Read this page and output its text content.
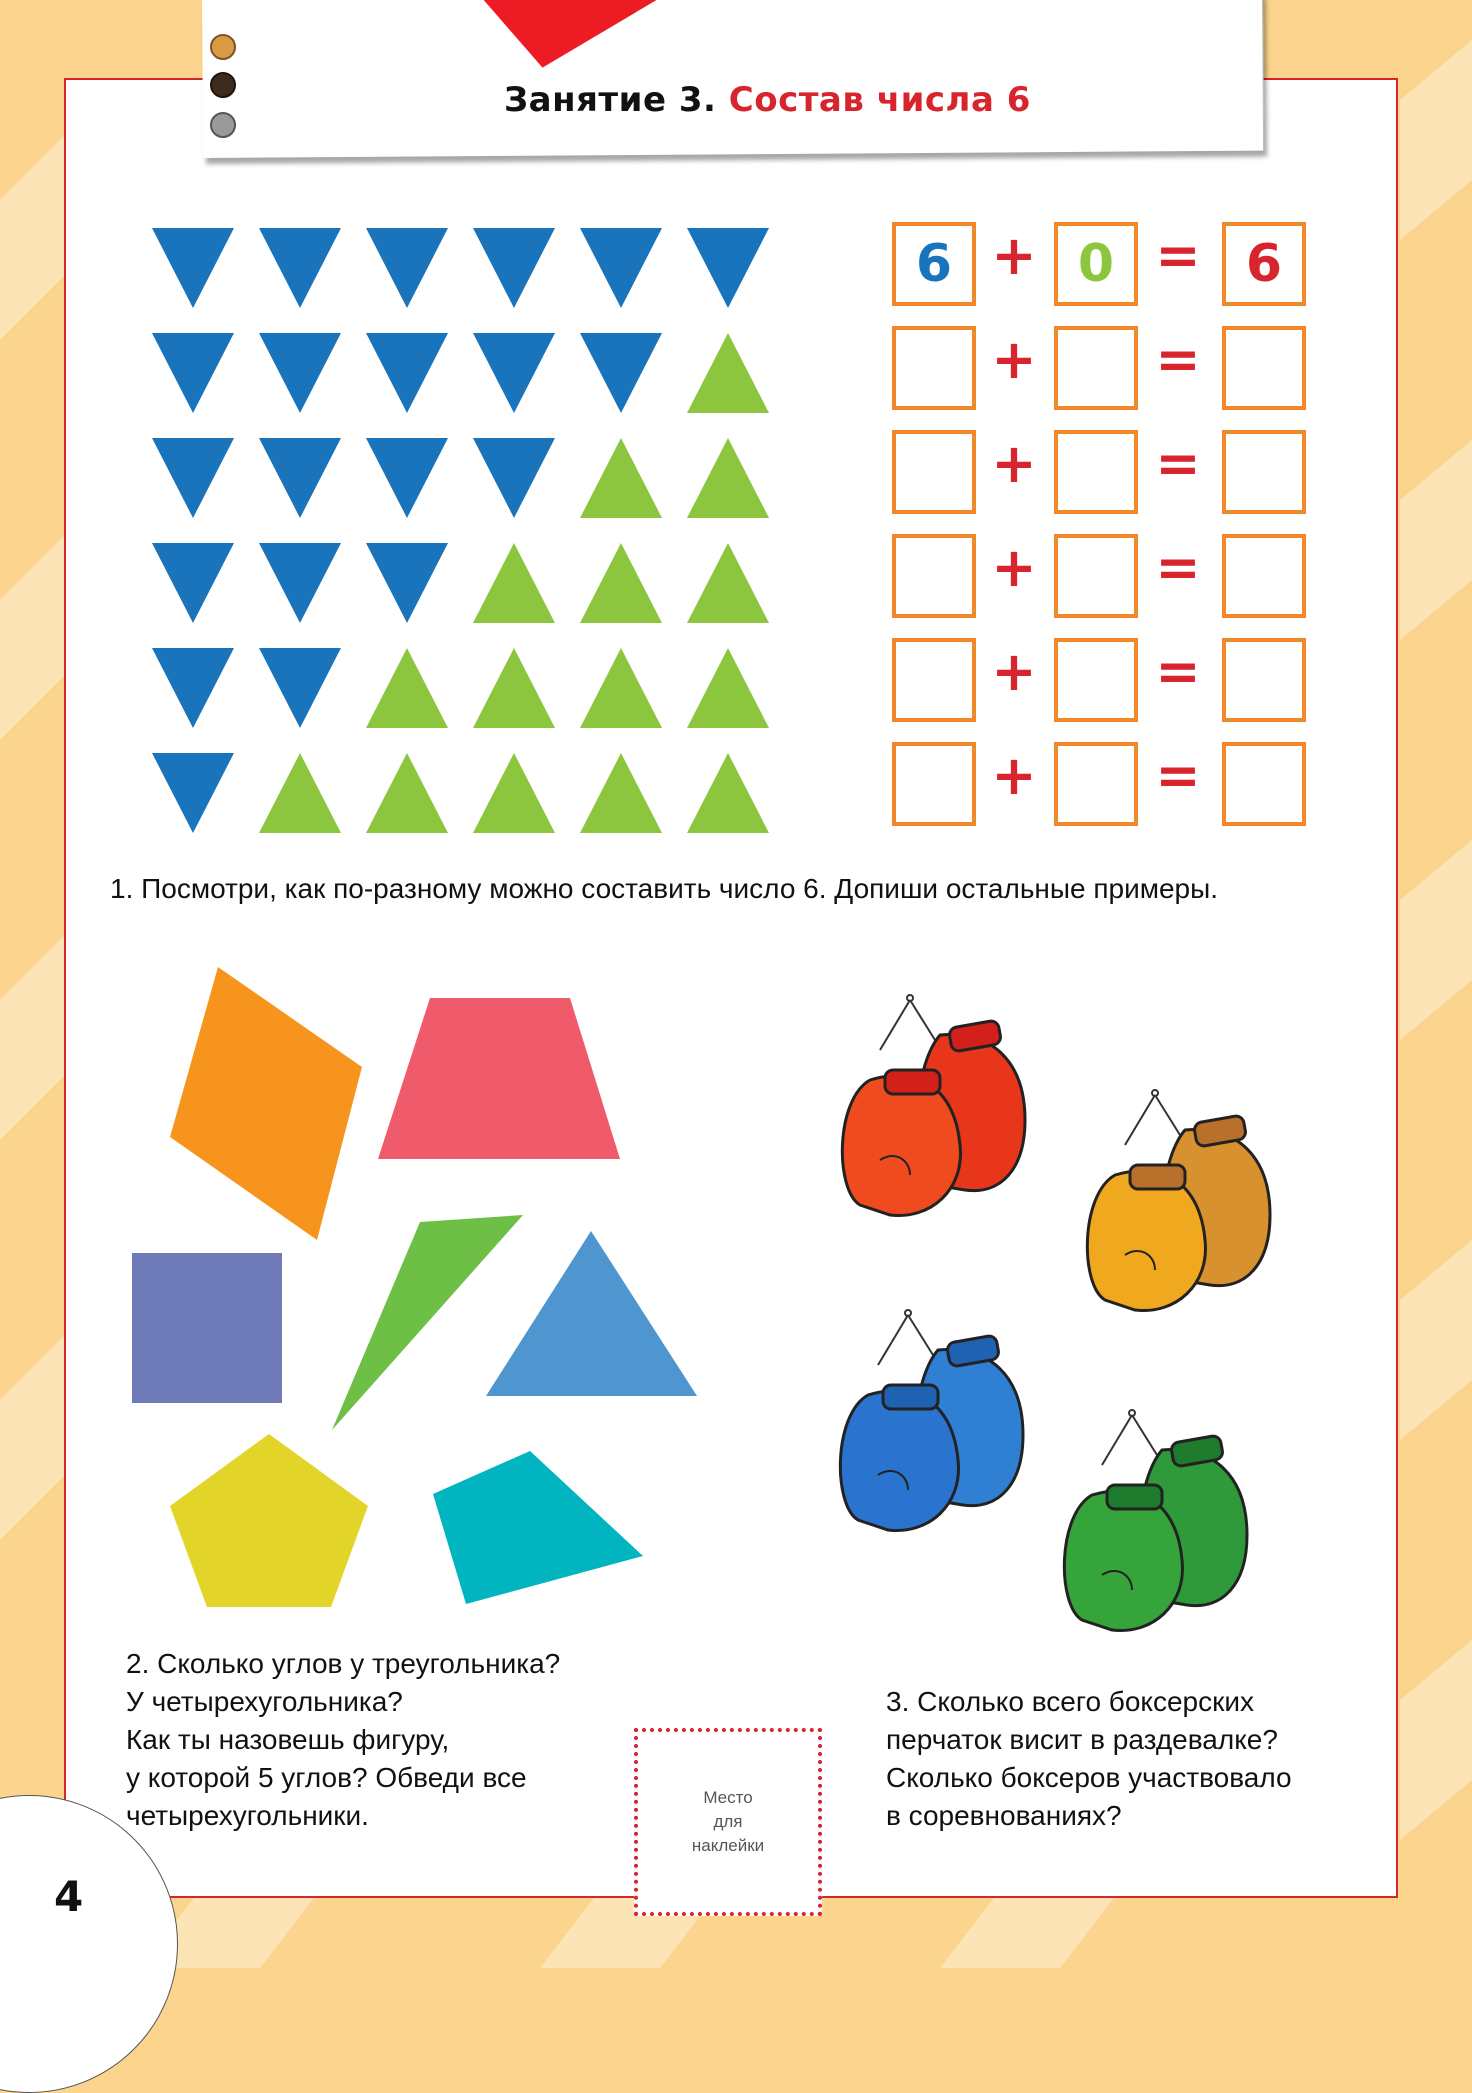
Занятие 3. Состав числа 6
6 + 0 = 6
+ =
+ =
+ =
+ =
+ =
1. Посмотри, как по-разному можно составить число 6. Допиши остальные примеры.
2. Сколько углов у треугольника?
У четырехугольника?
Как ты назовешь фигуру,
у которой 5 углов? Обведи все
четырехугольники.
Место
для
наклейки
3. Сколько всего боксерских
перчаток висит в раздевалке?
Сколько боксеров участвовало
в соревнованиях?
4
